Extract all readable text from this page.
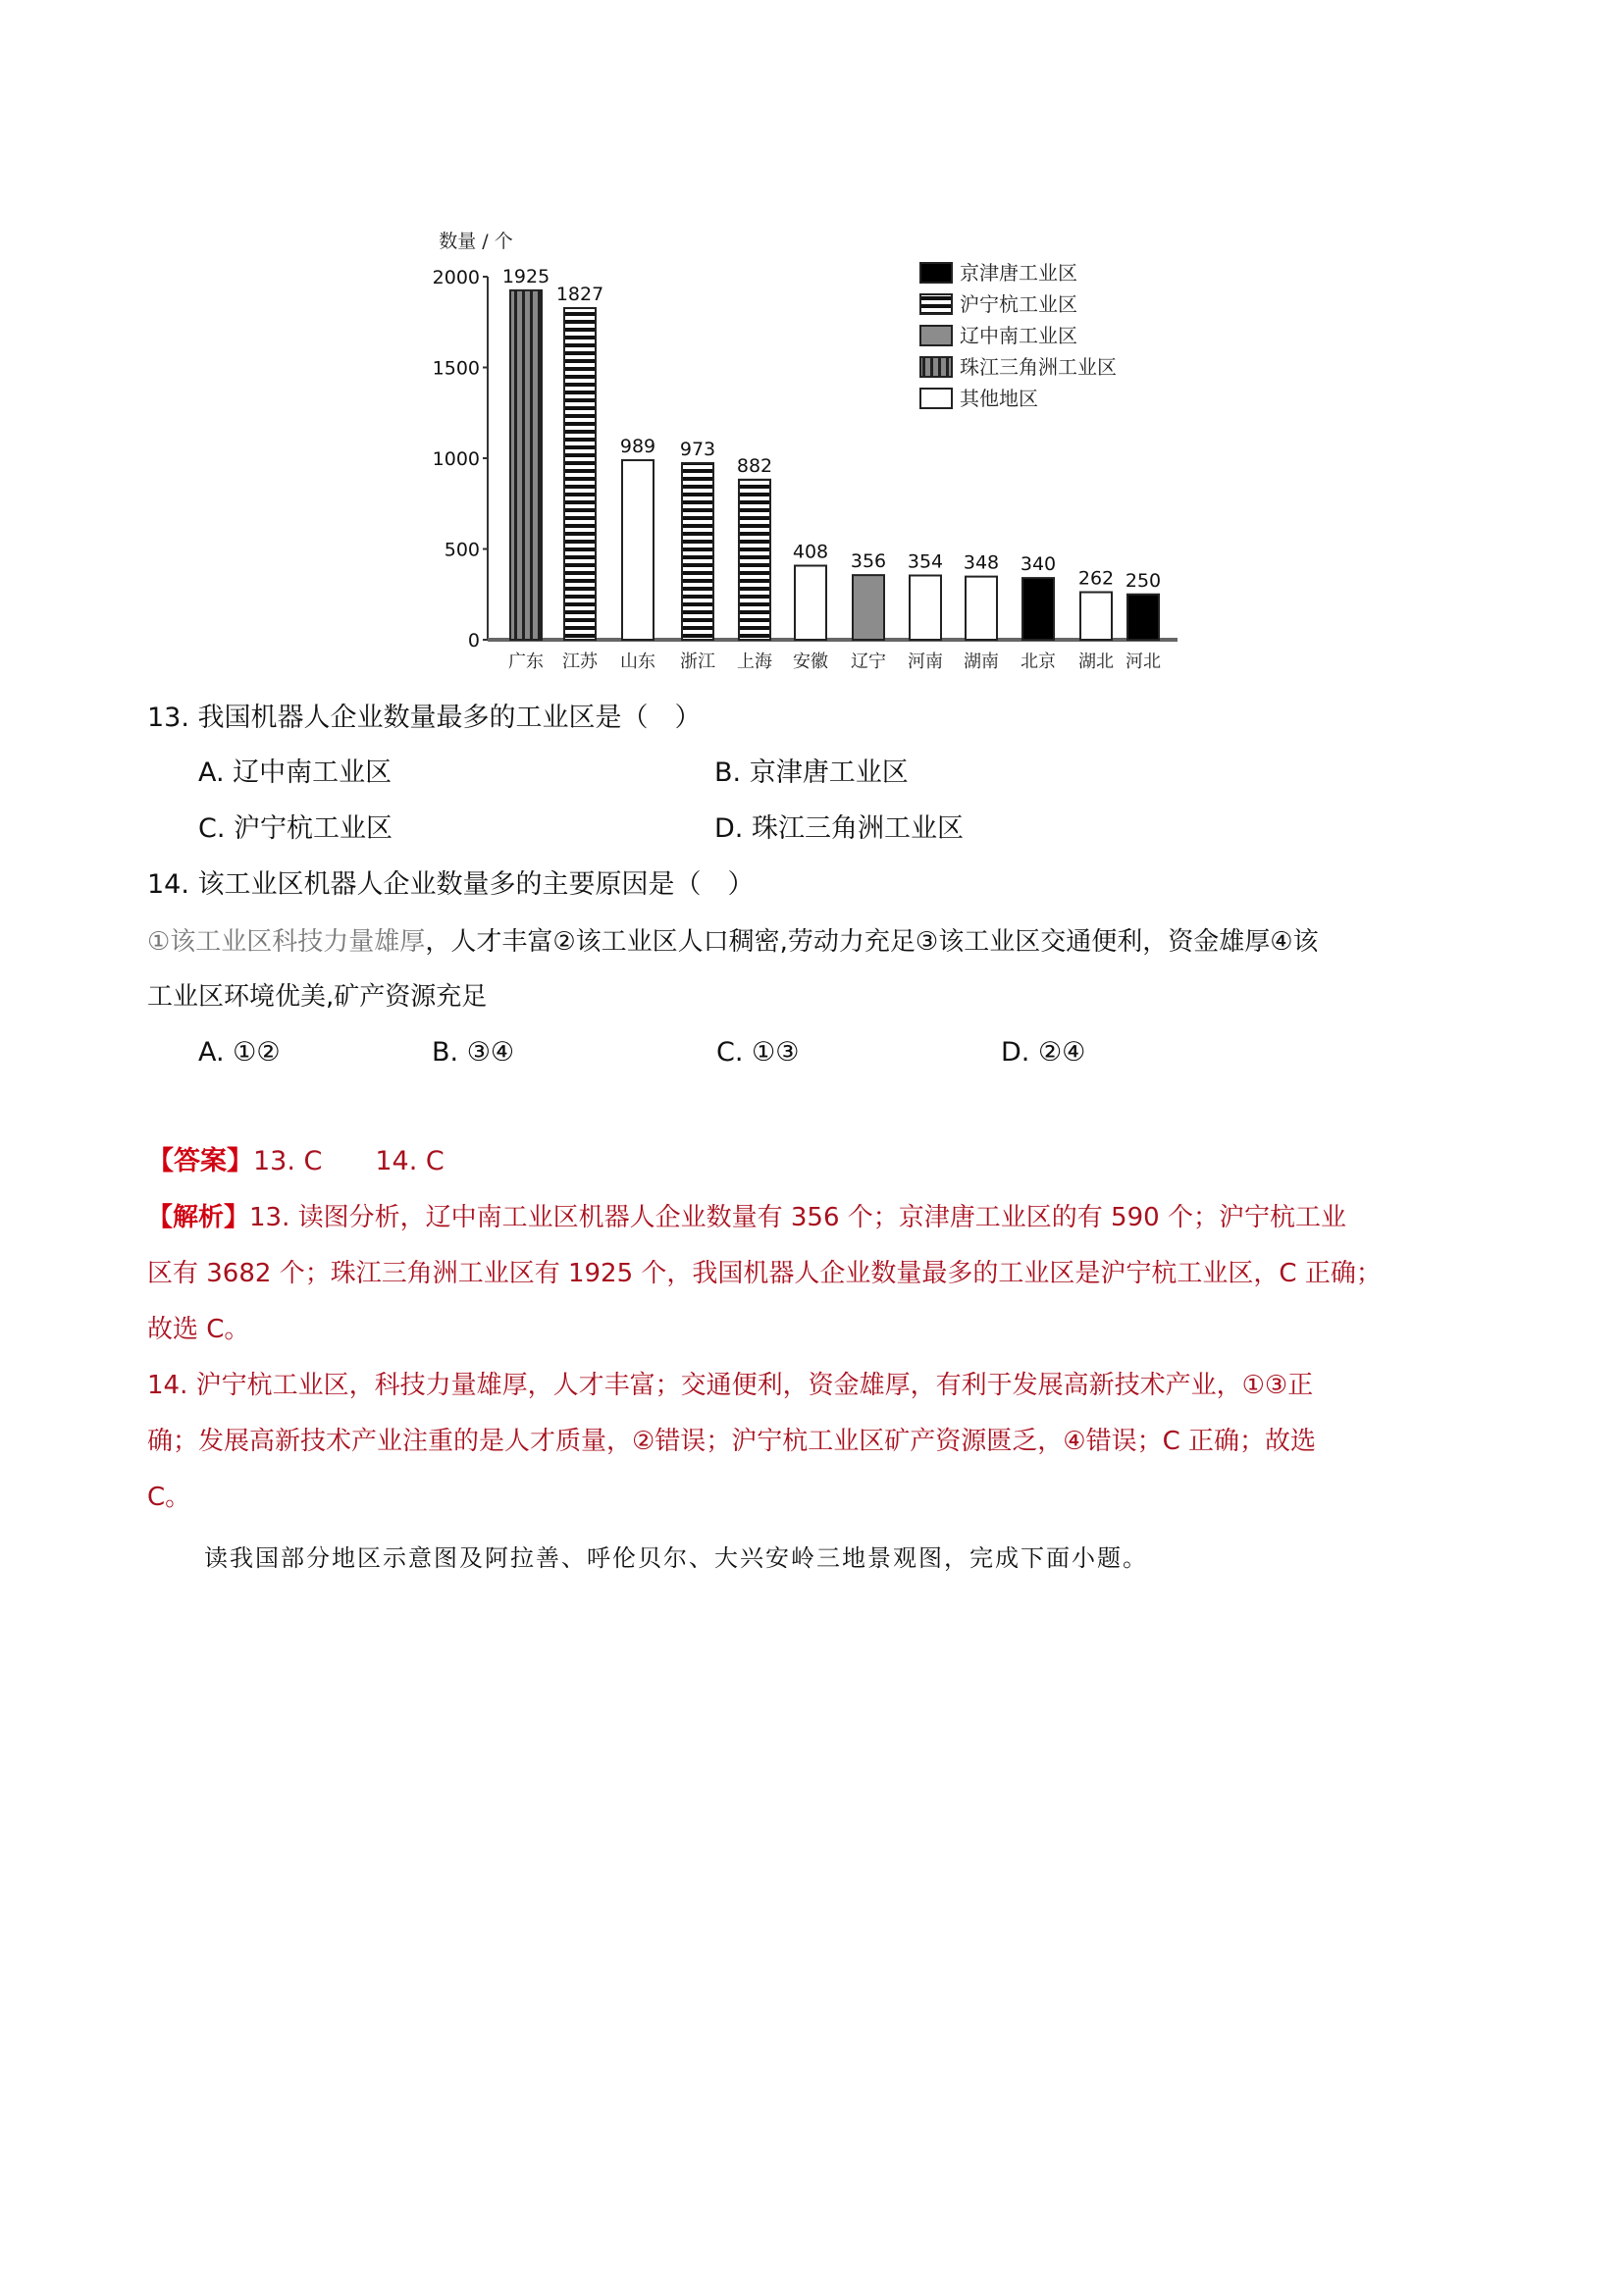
数量 / 个
0
500
1000
1500
2000 1925
广东
1827
江苏
989
山东
973
浙江
882
上海
408
安徽
356
辽宁
354
河南
348
湖南
340
北京
262
湖北
250
河北
京津唐工业区
沪宁杭工业区
辽中南工业区
珠江三角洲工业区
其他地区
13. 我国机器人企业数量最多的工业区是（　）
A. 辽中南工业区	B. 京津唐工业区
C. 沪宁杭工业区	D. 珠江三角洲工业区
14. 该工业区机器人企业数量多的主要原因是（　）
①该工业区科技力量雄厚，人才丰富②该工业区人口稠密,劳动力充足③该工业区交通便利，资金雄厚④该
工业区环境优美,矿产资源充足
A. ①②	B. ③④	C. ①③	D. ②④
【答案】13. C　　14. C
【解析】13. 读图分析，辽中南工业区机器人企业数量有 356 个；京津唐工业区的有 590 个；沪宁杭工业
区有 3682 个；珠江三角洲工业区有 1925 个，我国机器人企业数量最多的工业区是沪宁杭工业区，C 正确；
故选 C。
14. 沪宁杭工业区，科技力量雄厚，人才丰富；交通便利，资金雄厚，有利于发展高新技术产业，①③正
确；发展高新技术产业注重的是人才质量，②错误；沪宁杭工业区矿产资源匮乏，④错误；C 正确；故选
C。
读我国部分地区示意图及阿拉善、呼伦贝尔、大兴安岭三地景观图，完成下面小题。
